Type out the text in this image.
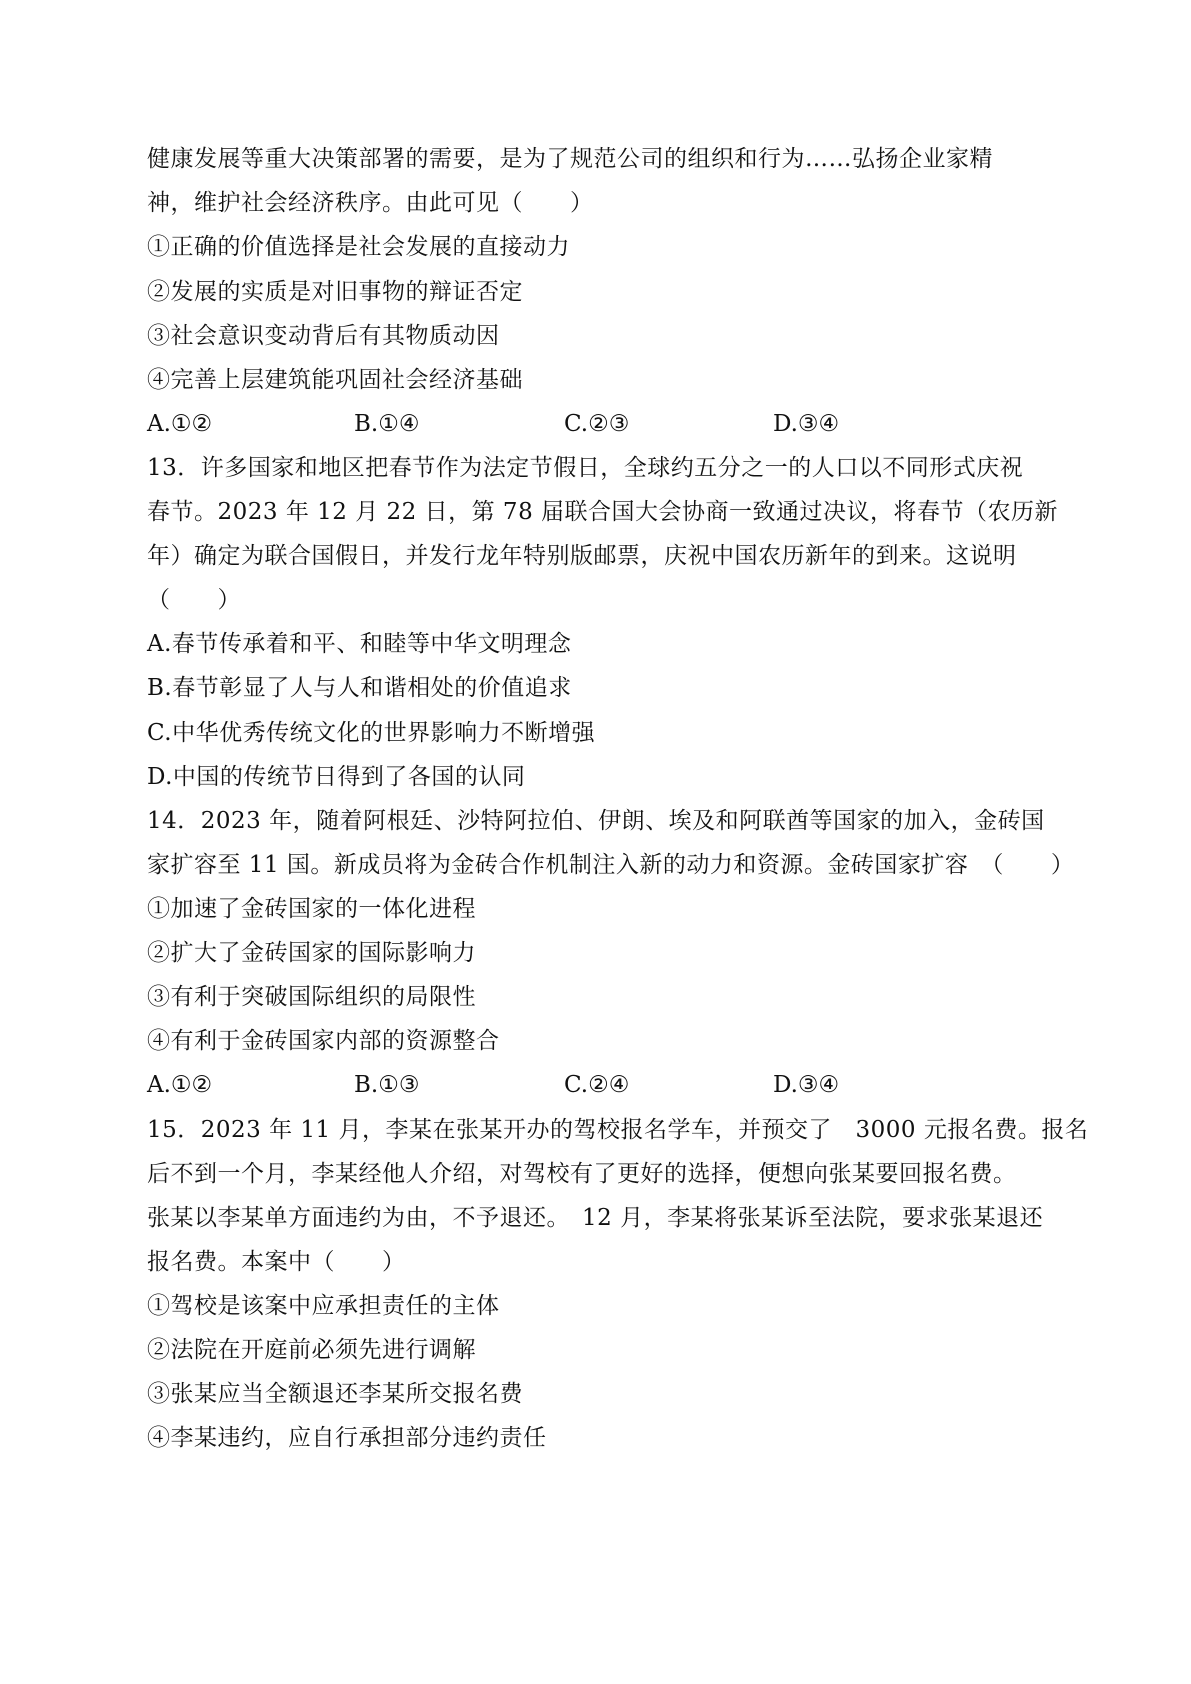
健康发展等重大决策部署的需要，是为了规范公司的组织和行为……弘扬企业家精
神，维护社会经济秩序。由此可见（　　）
①正确的价值选择是社会发展的直接动力
②发展的实质是对旧事物的辩证否定
③社会意识变动背后有其物质动因
④完善上层建筑能巩固社会经济基础
A.①②	B.①④	C.②③	D.③④
13．许多国家和地区把春节作为法定节假日，全球约五分之一的人口以不同形式庆祝
春节。2023 年 12 月 22 日，第 78 届联合国大会协商一致通过决议，将春节（农历新
年）确定为联合国假日，并发行龙年特别版邮票，庆祝中国农历新年的到来。这说明
（　　）
A.春节传承着和平、和睦等中华文明理念
B.春节彰显了人与人和谐相处的价值追求
C.中华优秀传统文化的世界影响力不断增强
D.中国的传统节日得到了各国的认同
14．2023 年，随着阿根廷、沙特阿拉伯、伊朗、埃及和阿联酋等国家的加入，金砖国
家扩容至 11 国。新成员将为金砖合作机制注入新的动力和资源。金砖国家扩容　（　　）
①加速了金砖国家的一体化进程
②扩大了金砖国家的国际影响力
③有利于突破国际组织的局限性
④有利于金砖国家内部的资源整合
A.①②	B.①③	C.②④	D.③④
15．2023 年 11 月，李某在张某开办的驾校报名学车，并预交了　3000 元报名费。报名
后不到一个月，李某经他人介绍，对驾校有了更好的选择，便想向张某要回报名费。
张某以李某单方面违约为由，不予退还。　12 月，李某将张某诉至法院，要求张某退还
报名费。本案中（　　）
①驾校是该案中应承担责任的主体
②法院在开庭前必须先进行调解
③张某应当全额退还李某所交报名费
④李某违约，应自行承担部分违约责任
